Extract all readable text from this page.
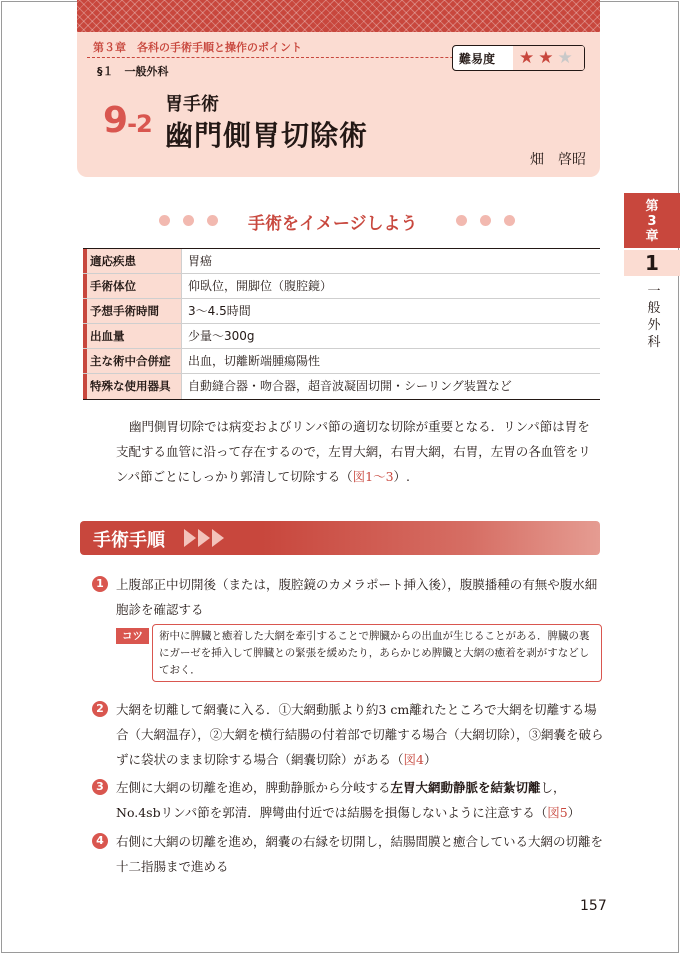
第３章　各科の手術手順と操作のポイント
§１　一般外科
難易度	★ ★ ★
9-2
胃手術
幽門側胃切除術
畑　啓昭
第
3
章
1
一
般
外
科
手術をイメージしよう
適応疾患	胃癌
手術体位	仰臥位，開脚位（腹腔鏡）
予想手術時間	3〜4.5時間
出血量	少量〜300g
主な術中合併症	出血，切離断端腫瘍陽性
特殊な使用器具	自動縫合器・吻合器，超音波凝固切開・シーリング装置など
幽門側胃切除では病変およびリンパ節の適切な切除が重要となる．リンパ節は胃を支配する血管に沿って存在するので，左胃大網，右胃大網，右胃，左胃の各血管をリンパ節ごとにしっかり郭清して切除する（図1〜3）.
手術手順
1 上腹部正中切開後（または，腹腔鏡のカメラポート挿入後），腹膜播種の有無や腹水細胞診を確認する
コツ	術中に脾臓と癒着した大網を牽引することで脾臓からの出血が生じることがある．脾臓の裏にガーゼを挿入して脾臓との緊張を緩めたり，あらかじめ脾臓と大網の癒着を剥がすなどしておく．
2 大網を切離して網嚢に入る．①大網動脈より約3 cm離れたところで大網を切離する場合（大網温存），②大網を横行結腸の付着部で切離する場合（大網切除），③網嚢を破らずに袋状のまま切除する場合（網嚢切除）がある（図4）
3 左側に大網の切離を進め，脾動静脈から分岐する左胃大網動静脈を結紮切離し，No.4sbリンパ節を郭清．脾彎曲付近では結腸を損傷しないように注意する（図5）
4 右側に大網の切離を進め，網嚢の右縁を切開し，結腸間膜と癒合している大網の切離を十二指腸まで進める
157
